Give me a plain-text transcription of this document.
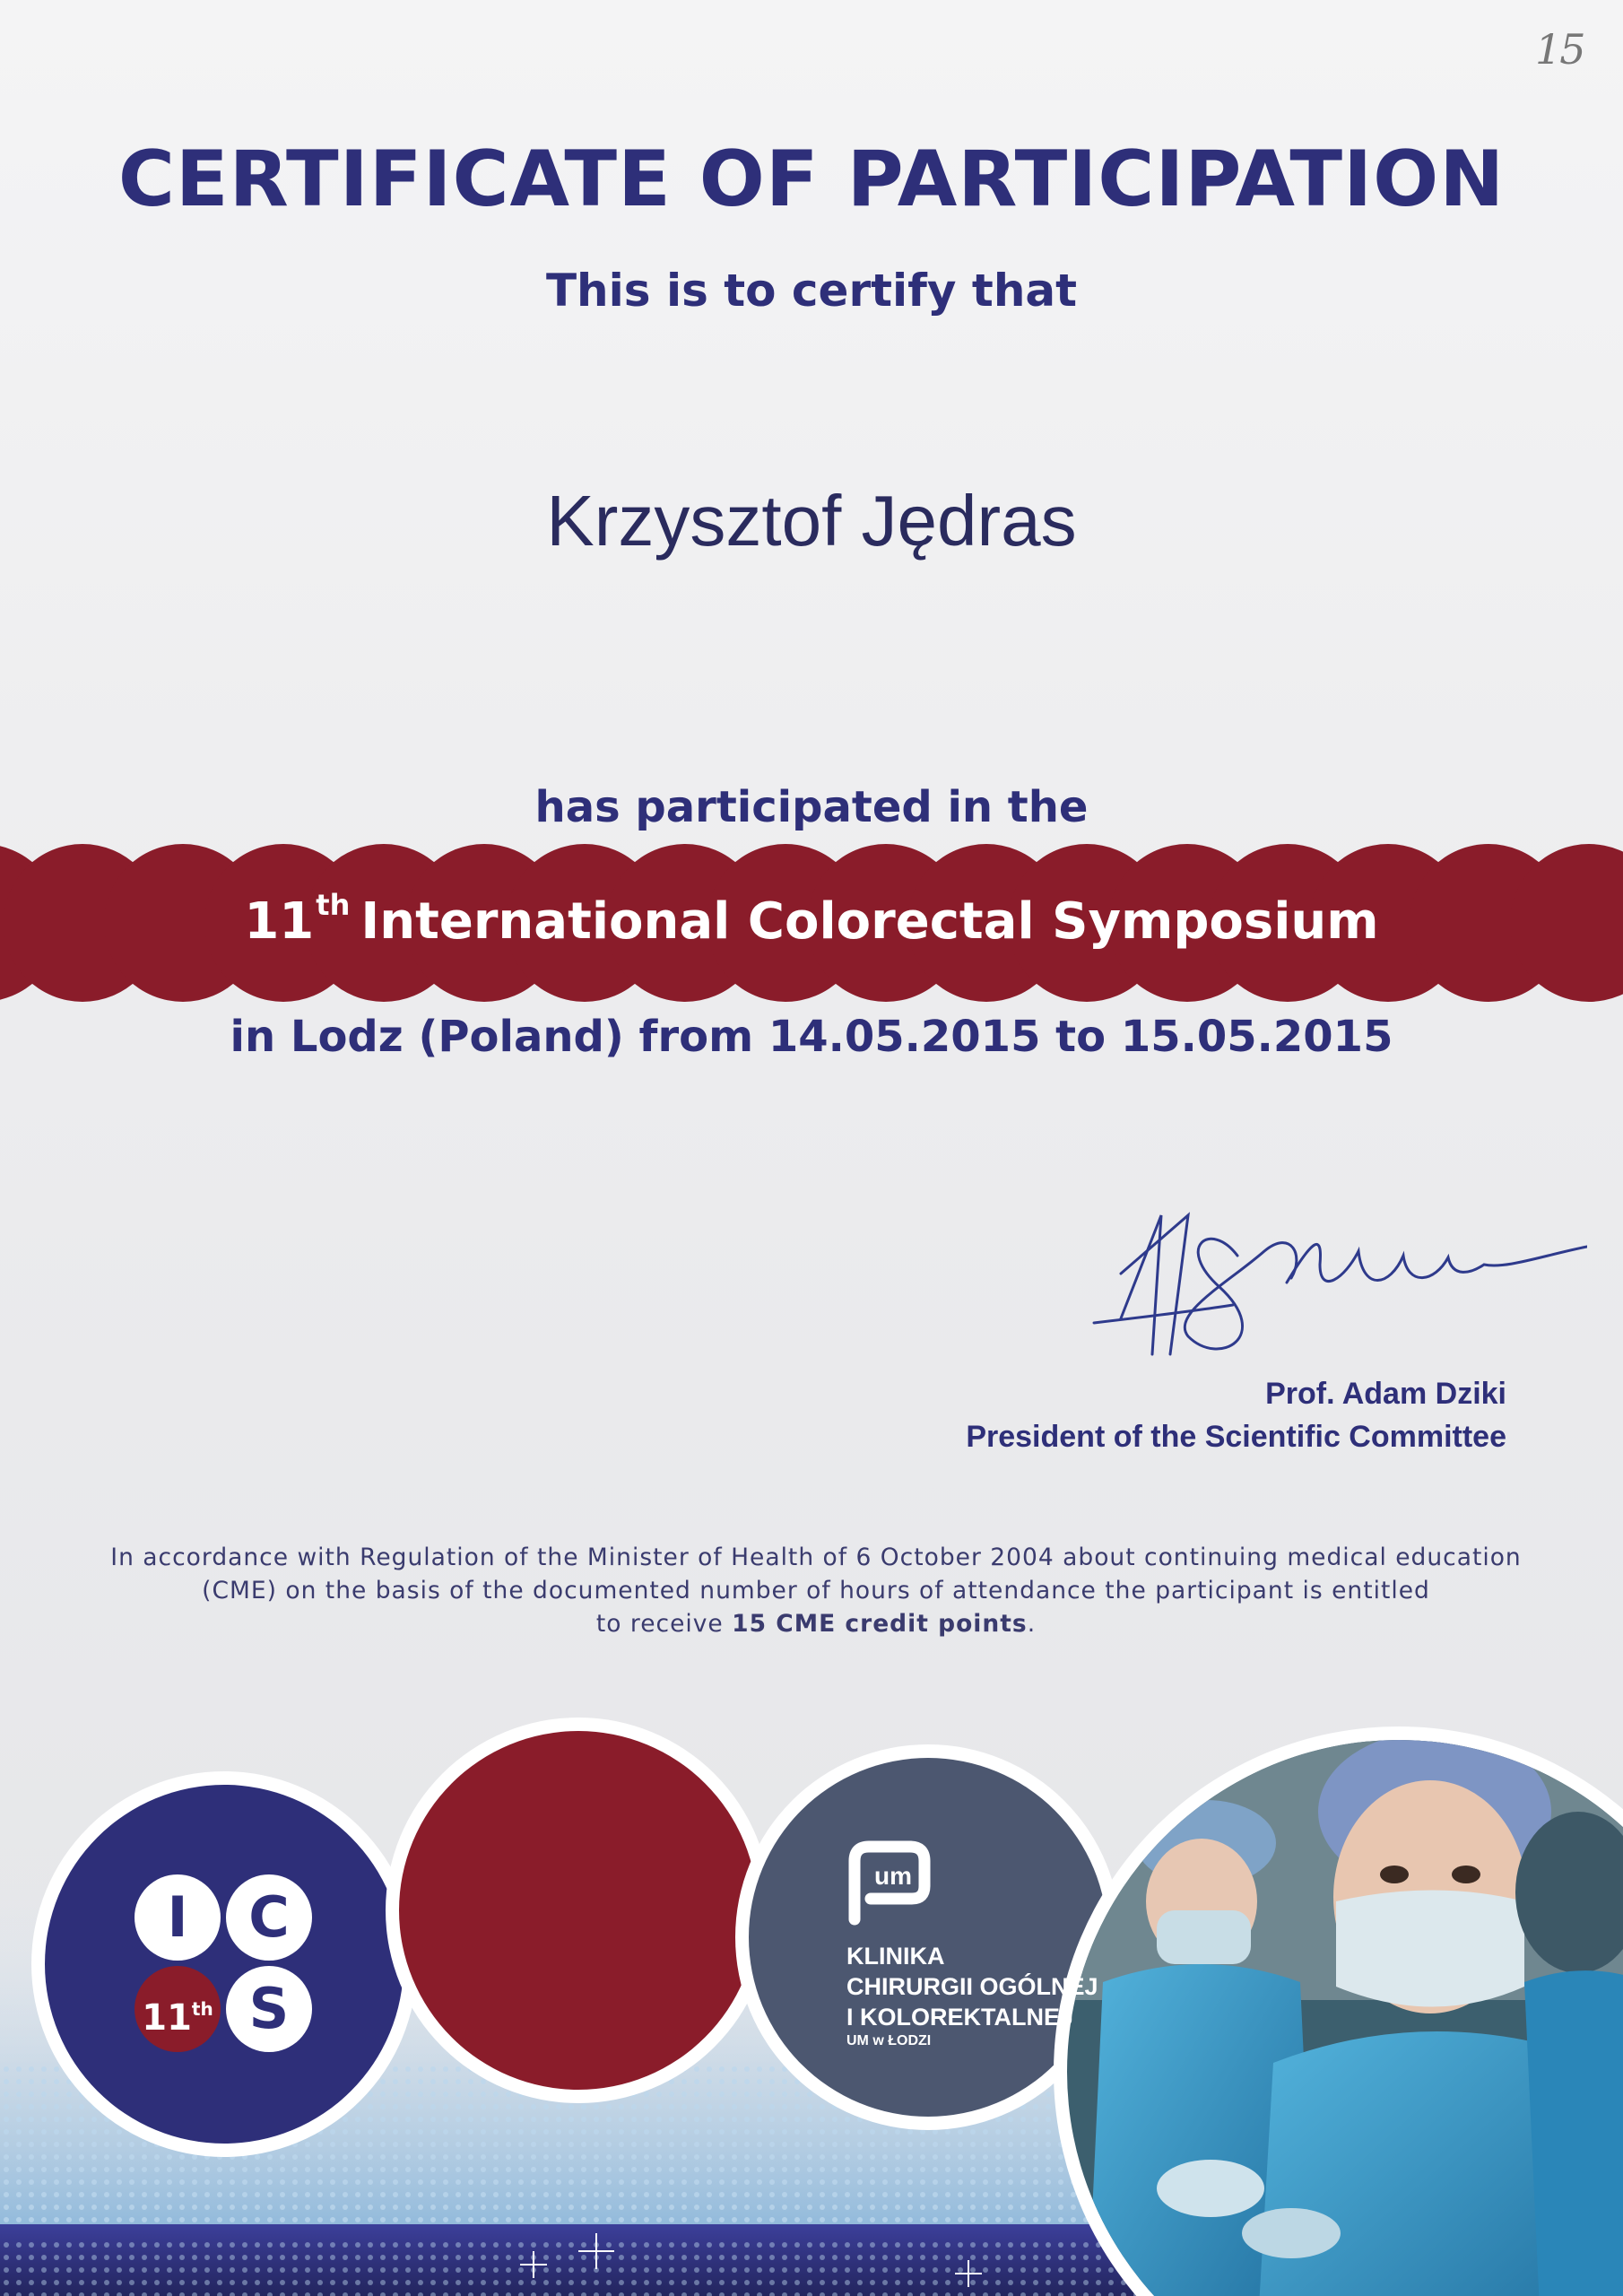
15
CERTIFICATE OF PARTICIPATION
This is to certify that
Krzysztof Jędras
has participated in the
11th International Colorectal Symposium
in Lodz (Poland) from 14.05.2015 to 15.05.2015
Prof. Adam Dziki
President of the Scientific Committee
In accordance with Regulation of the Minister of Health of 6 October 2004 about continuing medical education
(CME) on the basis of the documented number of hours of attendance the participant is entitled
to receive 15 CME credit points.
I	C
11th S
um
KLINIKA
CHIRURGII OGÓLNEJ
I KOLOREKTALNEJ
UM w ŁODZI
